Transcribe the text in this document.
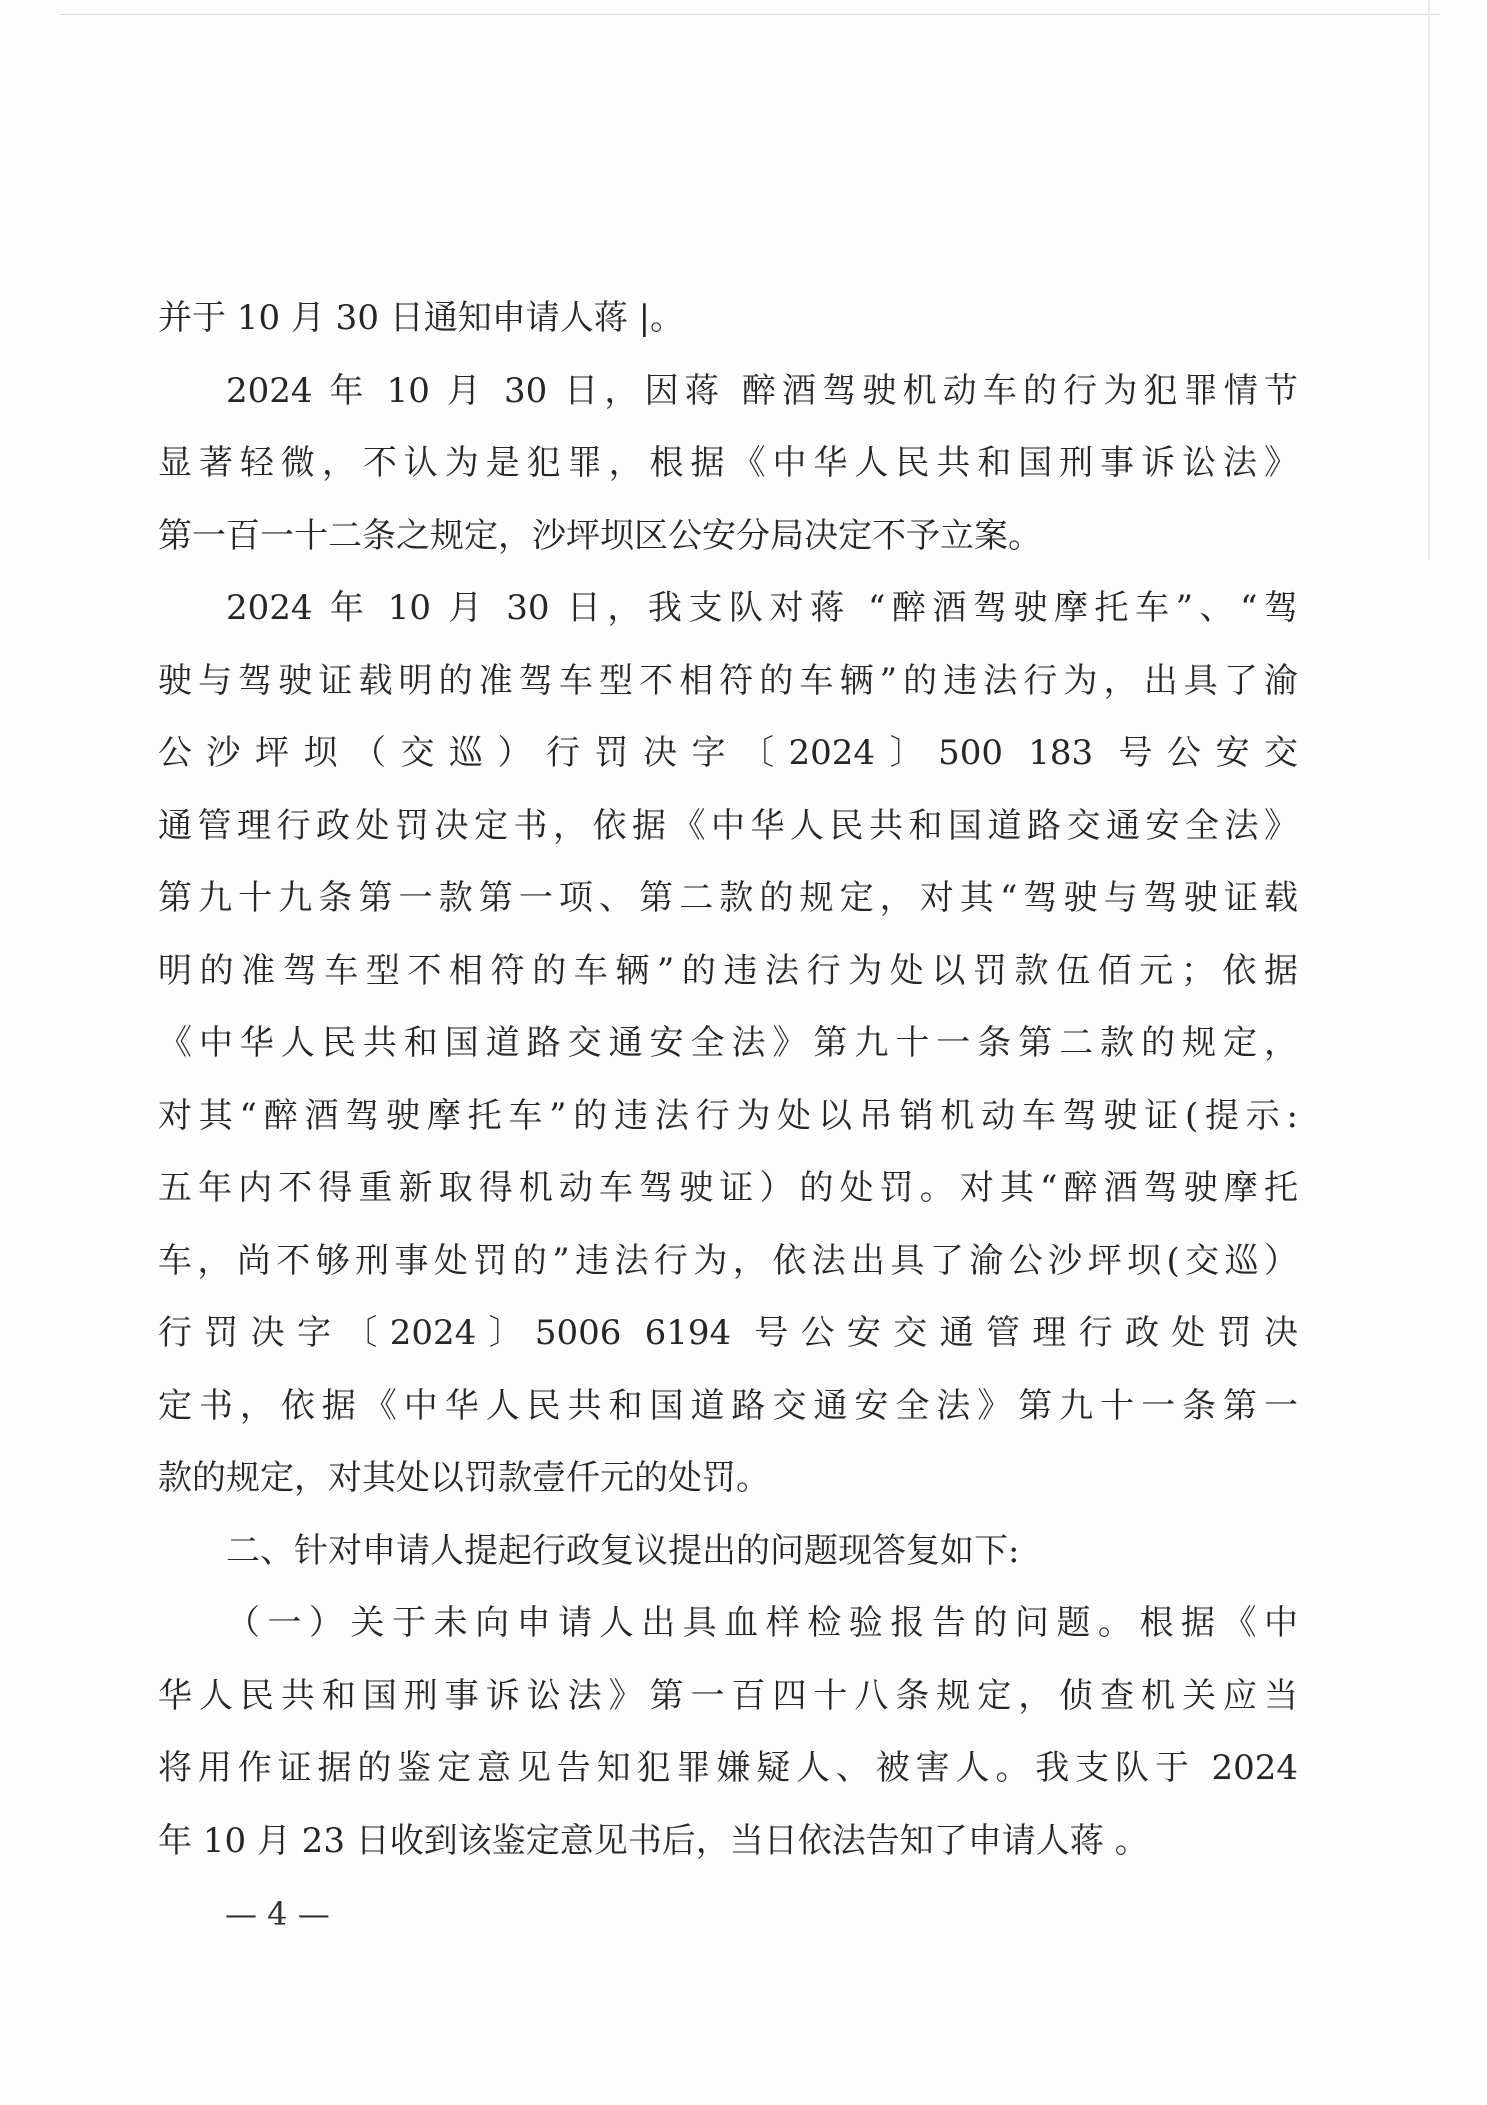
并于 10 月 30 日通知申请人蒋 |。
2024 年 10 月 30 日，因蒋 醉酒驾驶机动车的行为犯罪情节
显著轻微，不认为是犯罪，根据《中华人民共和国刑事诉讼法》
第一百一十二条之规定，沙坪坝区公安分局决定不予立案。
2024 年 10 月 30 日，我支队对蒋 “醉酒驾驶摩托车”、“驾
驶与驾驶证载明的准驾车型不相符的车辆”的违法行为，出具了渝
公沙坪坝（交巡）行罚决字〔2024〕500 183 号公安交
通管理行政处罚决定书，依据《中华人民共和国道路交通安全法》
第九十九条第一款第一项、第二款的规定，对其“驾驶与驾驶证载
明的准驾车型不相符的车辆”的违法行为处以罚款伍佰元；依据
《中华人民共和国道路交通安全法》第九十一条第二款的规定，
对其“醉酒驾驶摩托车”的违法行为处以吊销机动车驾驶证(提示:
五年内不得重新取得机动车驾驶证）的处罚。对其“醉酒驾驶摩托
车，尚不够刑事处罚的”违法行为，依法出具了渝公沙坪坝(交巡）
行罚决字〔2024〕5006 6194 号公安交通管理行政处罚决
定书，依据《中华人民共和国道路交通安全法》第九十一条第一
款的规定，对其处以罚款壹仟元的处罚。
二、针对申请人提起行政复议提出的问题现答复如下:
（一）关于未向申请人出具血样检验报告的问题。根据《中
华人民共和国刑事诉讼法》第一百四十八条规定，侦查机关应当
将用作证据的鉴定意见告知犯罪嫌疑人、被害人。我支队于 2024
年 10 月 23 日收到该鉴定意见书后，当日依法告知了申请人蒋 。
— 4 —
